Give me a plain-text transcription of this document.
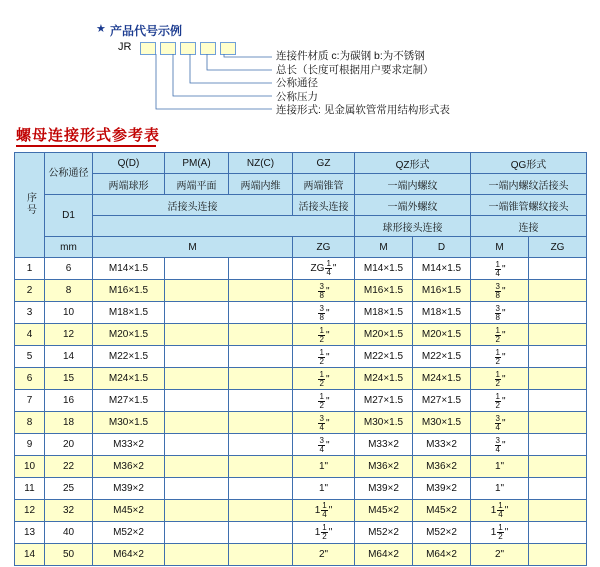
★ 产品代号示例
JR
连接件材质 c:为碳钢 b:为不锈钢
总长（长度可根据用户要求定制）
公称通径
公称压力
连接形式: 见金属软管常用结构形式表
螺母连接形式参考表
序号	公称通径	Q(D)	PM(A)	NZ(C)	GZ	QZ形式		QG形式	
		两端球形	两端平面	两端内维	两端锥管	一端内螺纹		一端内螺纹活接头	
	D1	活接头连接			活接头连接	一端外螺纹		一端锥管螺纹接头	
						球形接头连接		连接	
	mm	M			ZG	M	D	M	ZG
1	6	M14×1.5			ZG $\frac{1}{4}$ "	M14×1.5	M14×1.5	$\frac{1}{4}$ "	

2	8	M16×1.5			$\frac{3}{8}$ "	M16×1.5	M16×1.5	$\frac{3}{8}$ "	

3	10	M18×1.5			$\frac{3}{8}$ "	M18×1.5	M18×1.5	$\frac{3}{8}$ "	

4	12	M20×1.5			$\frac{1}{2}$ "	M20×1.5	M20×1.5	$\frac{1}{2}$ "	

5	14	M22×1.5			$\frac{1}{2}$ "	M22×1.5	M22×1.5	$\frac{1}{2}$ "	

6	15	M24×1.5			$\frac{1}{2}$ "	M24×1.5	M24×1.5	$\frac{1}{2}$ "	

7	16	M27×1.5			$\frac{1}{2}$ "	M27×1.5	M27×1.5	$\frac{1}{2}$ "	

8	18	M30×1.5			$\frac{3}{4}$ "	M30×1.5	M30×1.5	$\frac{3}{4}$ "	

9	20	M33×2			$\frac{3}{4}$ "	M33×2	M33×2	$\frac{3}{4}$ "	

10	22	M36×2			1"	M36×2	M36×2	1"	

11	25	M39×2			1"	M39×2	M39×2	1"	

12	32	M45×2			$1 \frac{1}{4}$ "	M45×2	M45×2	$1 \frac{1}{4}$ "	

13	40	M52×2			$1 \frac{1}{2}$ "	M52×2	M52×2	$1 \frac{1}{2}$ "	

14	50	M64×2			2"	M64×2	M64×2	2"	
